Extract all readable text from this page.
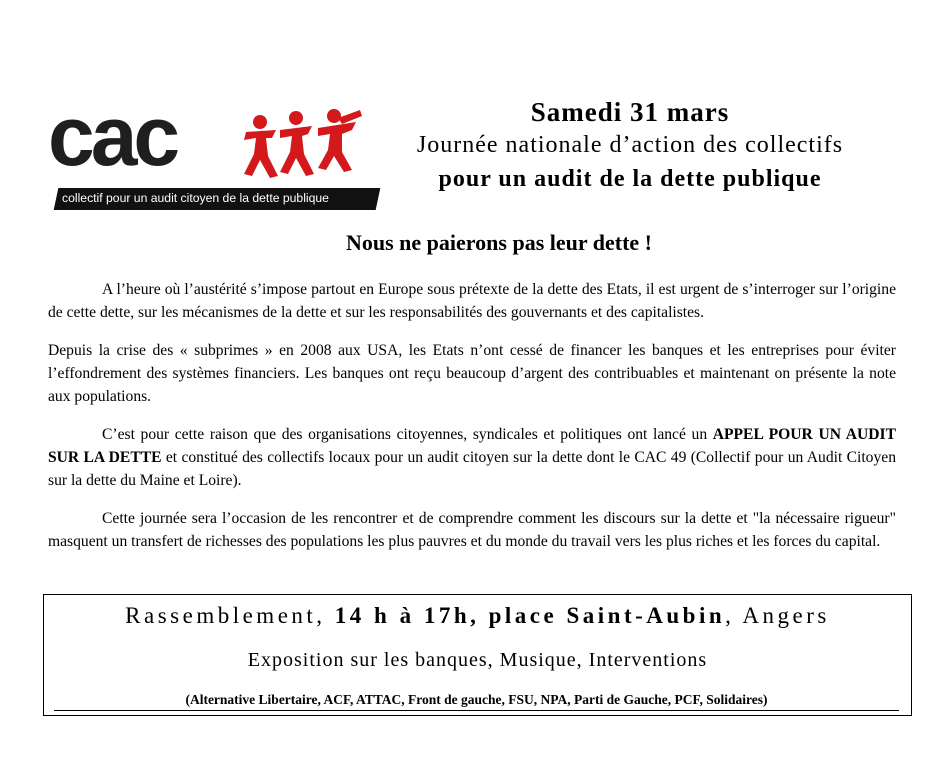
cac
collectif pour un audit citoyen de la dette publique
Samedi 31 mars
Journée nationale d’action des collectifs
pour un audit de la dette publique
Nous ne paierons pas leur dette !

A l’heure où l’austérité s’impose partout en Europe sous prétexte de la dette des Etats, il est urgent de s’interroger sur l’origine de cette dette, sur les mécanismes de la dette et sur les responsabilités des gouvernants et des capitalistes.

Depuis la crise des « subprimes » en 2008 aux USA, les Etats n’ont cessé de financer les banques et les entreprises pour éviter l’effondrement des systèmes financiers. Les banques ont reçu beaucoup d’argent des contribuables et maintenant on présente la note aux populations.

C’est pour cette raison que des organisations citoyennes, syndicales et politiques ont lancé un APPEL POUR UN AUDIT SUR LA DETTE et constitué des collectifs locaux pour un audit citoyen sur la dette dont le CAC 49 (Collectif pour un Audit Citoyen sur la dette du Maine et Loire).

Cette journée sera l’occasion de les rencontrer et de comprendre comment les discours sur la dette et "la nécessaire rigueur" masquent un transfert de richesses des populations les plus pauvres et du monde du travail vers les plus riches et les forces du capital.

Rassemblement, 14 h à 17h, place Saint-Aubin, Angers
Exposition sur les banques, Musique, Interventions
(Alternative Libertaire, ACF, ATTAC, Front de gauche, FSU, NPA, Parti de Gauche, PCF, Solidaires)
